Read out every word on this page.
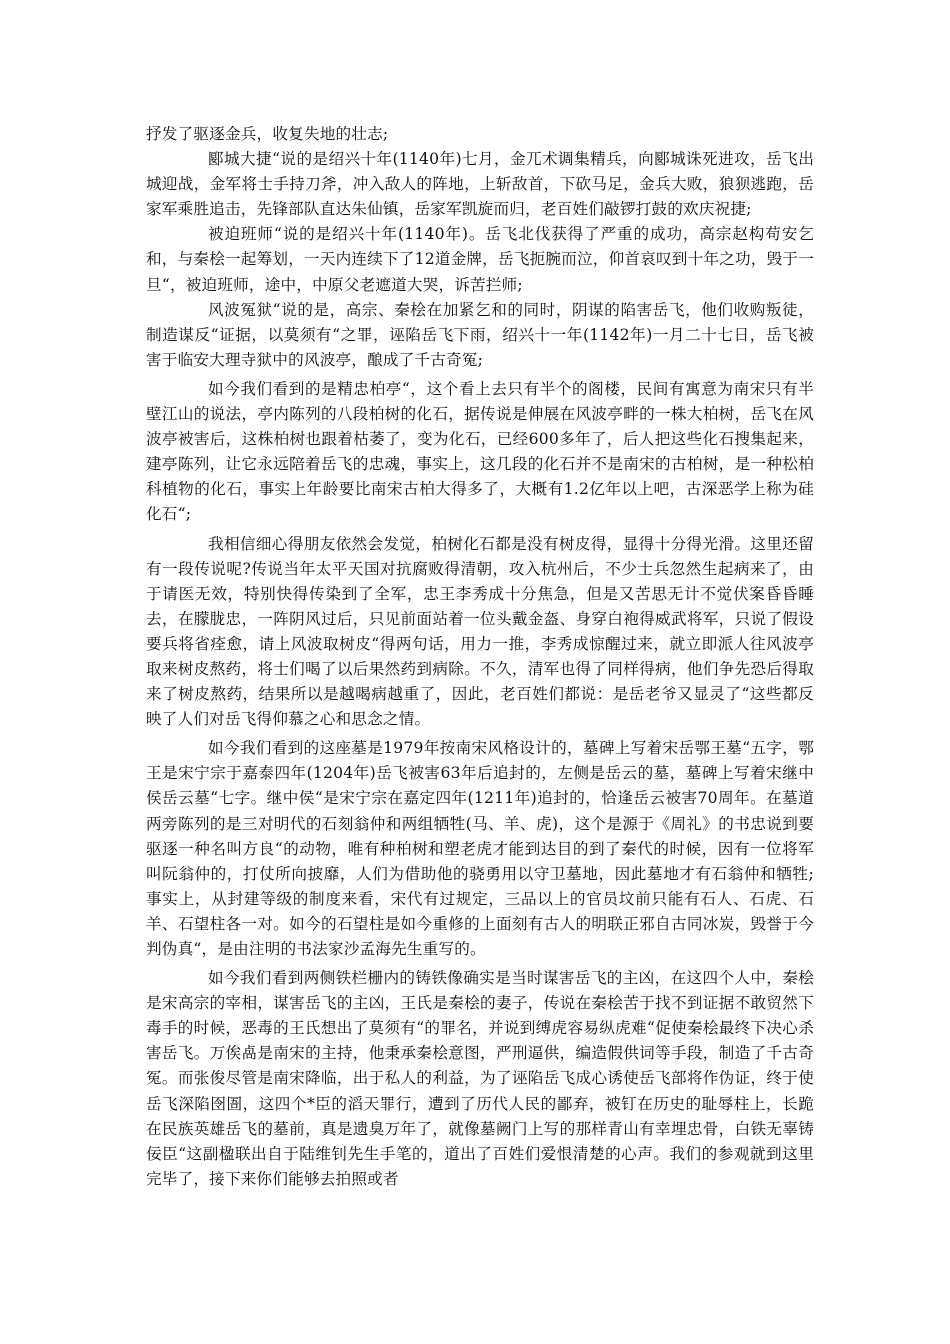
抒发了驱逐金兵，收复失地的壮志;

郾城大捷“说的是绍兴十年(1140年)七月，金兀术调集精兵，向郾城诛死进攻，岳飞出城迎战，金军将士手持刀斧，冲入敌人的阵地，上斩敌首，下砍马足，金兵大败，狼狈逃跑，岳家军乘胜追击，先锋部队直达朱仙镇，岳家军凯旋而归，老百姓们敲锣打鼓的欢庆祝捷;

被迫班师“说的是绍兴十年(1140年)。岳飞北伐获得了严重的成功，高宗赵构苟安乞和，与秦桧一起筹划，一天内连续下了12道金牌，岳飞扼腕而泣，仰首哀叹到十年之功，毁于一旦“，被迫班师，途中，中原父老遮道大哭，诉苦拦师;

风波冤狱“说的是，高宗、秦桧在加紧乞和的同时，阴谋的陷害岳飞，他们收购叛徒，制造谋反“证据，以莫须有“之罪，诬陷岳飞下雨，绍兴十一年(1142年)一月二十七日，岳飞被害于临安大理寺狱中的风波亭，酿成了千古奇冤;

如今我们看到的是精忠柏亭“，这个看上去只有半个的阁楼，民间有寓意为南宋只有半壁江山的说法，亭内陈列的八段柏树的化石，据传说是伸展在风波亭畔的一株大柏树，岳飞在风波亭被害后，这株柏树也跟着枯萎了，变为化石，已经600多年了，后人把这些化石搜集起来，建亭陈列，让它永远陪着岳飞的忠魂，事实上，这几段的化石并不是南宋的古柏树，是一种松柏科植物的化石，事实上年龄要比南宋古柏大得多了，大概有1.2亿年以上吧，古深恶学上称为硅化石“;

我相信细心得朋友依然会发觉，柏树化石都是没有树皮得，显得十分得光滑。这里还留有一段传说呢?传说当年太平天国对抗腐败得清朝，攻入杭州后，不少士兵忽然生起病来了，由于请医无效，特别快得传染到了全军，忠王李秀成十分焦急，但是又苦思无计不觉伏案昏昏睡去，在朦胧忠，一阵阴风过后，只见前面站着一位头戴金盔、身穿白袍得威武将军，只说了假设要兵将省痊愈，请上风波取树皮“得两句话，用力一推，李秀成惊醒过来，就立即派人往风波亭取来树皮熬药，将士们喝了以后果然药到病除。不久，清军也得了同样得病，他们争先恐后得取来了树皮熬药，结果所以是越喝病越重了，因此，老百姓们都说：是岳老爷又显灵了“这些都反映了人们对岳飞得仰慕之心和思念之情。

如今我们看到的这座墓是1979年按南宋风格设计的，墓碑上写着宋岳鄂王墓“五字，鄂王是宋宁宗于嘉泰四年(1204年)岳飞被害63年后追封的，左侧是岳云的墓，墓碑上写着宋继中侯岳云墓“七字。继中侯“是宋宁宗在嘉定四年(1211年)追封的，恰逢岳云被害70周年。在墓道两旁陈列的是三对明代的石刻翁仲和两组牺牲(马、羊、虎)，这个是源于《周礼》的书忠说到要驱逐一种名叫方良“的动物，唯有种柏树和塑老虎才能到达目的到了秦代的时候，因有一位将军叫阮翁仲的，打仗所向披靡，人们为借助他的骁勇用以守卫墓地，因此墓地才有石翁仲和牺牲;事实上，从封建等级的制度来看，宋代有过规定，三品以上的官员坟前只能有石人、石虎、石羊、石望柱各一对。如今的石望柱是如今重修的上面刻有古人的明联正邪自古同冰炭，毁誉于今判伪真“，是由注明的书法家沙孟海先生重写的。

如今我们看到两侧铁栏栅内的铸铁像确实是当时谋害岳飞的主凶，在这四个人中，秦桧是宋高宗的宰相，谋害岳飞的主凶，王氏是秦桧的妻子，传说在秦桧苦于找不到证据不敢贸然下毒手的时候，恶毒的王氏想出了莫须有“的罪名，并说到缚虎容易纵虎难“促使秦桧最终下决心杀害岳飞。万俟卨是南宋的主持，他秉承秦桧意图，严刑逼供，编造假供词等手段，制造了千古奇冤。而张俊尽管是南宋降临，出于私人的利益，为了诬陷岳飞成心诱使岳飞部将作伪证，终于使岳飞深陷囹圄，这四个*臣的滔天罪行，遭到了历代人民的鄙弃，被钉在历史的耻辱柱上，长跪在民族英雄岳飞的墓前，真是遗臭万年了，就像墓阙门上写的那样青山有幸埋忠骨，白铁无辜铸佞臣“这副楹联出自于陆维钊先生手笔的，道出了百姓们爱恨清楚的心声。我们的参观就到这里完毕了，接下来你们能够去拍照或者
